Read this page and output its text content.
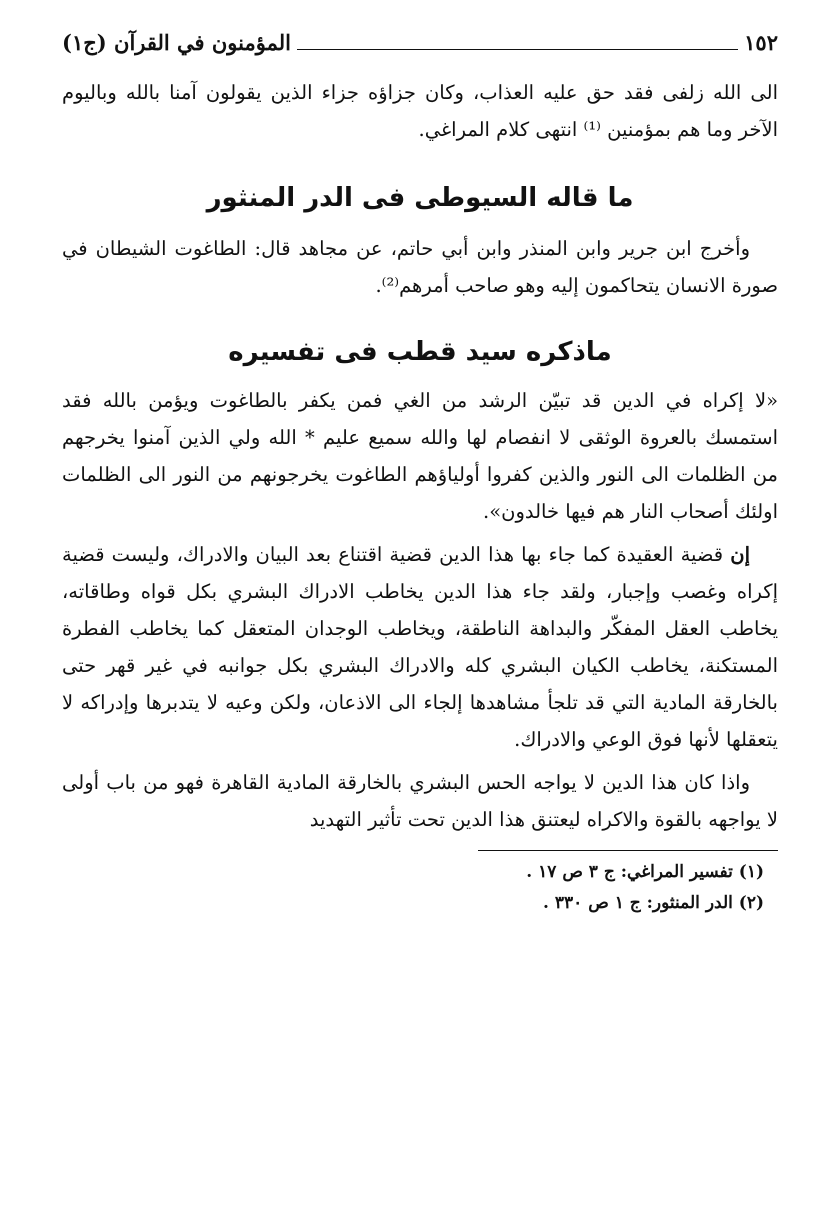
١٥٢
المؤمنون في القرآن (ج١)

الى الله زلفى فقد حق عليه العذاب، وكان جزاؤه جزاء الذين يقولون آمنا بالله وباليوم الآخر وما هم بمؤمنين ⁽¹⁾ انتهى كلام المراغي.

ما قاله السيوطى فى الدر المنثور

وأخرج ابن جرير وابن المنذر وابن أبي حاتم، عن مجاهد قال: الطاغوت الشيطان في صورة الانسان يتحاكمون إليه وهو صاحب أمرهم⁽²⁾.

ماذكره سيد قطب فى تفسيره

«لا إكراه في الدين قد تبيّن الرشد من الغي فمن يكفر بالطاغوت ويؤمن بالله فقد استمسك بالعروة الوثقى لا انفصام لها والله سميع عليم * الله ولي الذين آمنوا يخرجهم من الظلمات الى النور والذين كفروا أولياؤهم الطاغوت يخرجونهم من النور الى الظلمات اولئك أصحاب النار هم فيها خالدون».

إن قضية العقيدة كما جاء بها هذا الدين قضية اقتناع بعد البيان والادراك، وليست قضية إكراه وغصب وإجبار، ولقد جاء هذا الدين يخاطب الادراك البشري بكل قواه وطاقاته، يخاطب العقل المفكّر والبداهة الناطقة، ويخاطب الوجدان المتعقل كما يخاطب الفطرة المستكنة، يخاطب الكيان البشري كله والادراك البشري بكل جوانبه في غير قهر حتى بالخارقة المادية التي قد تلجأ مشاهدها إلجاء الى الاذعان، ولكن وعيه لا يتدبرها وإدراكه لا يتعقلها لأنها فوق الوعي والادراك.

واذا كان هذا الدين لا يواجه الحس البشري بالخارقة المادية القاهرة فهو من باب أولى لا يواجهه بالقوة والاكراه ليعتنق هذا الدين تحت تأثير التهديد

(١) تفسير المراغي: ج ٣ ص ١٧ .

(٢) الدر المنثور: ج ١ ص ٣٣٠ .
